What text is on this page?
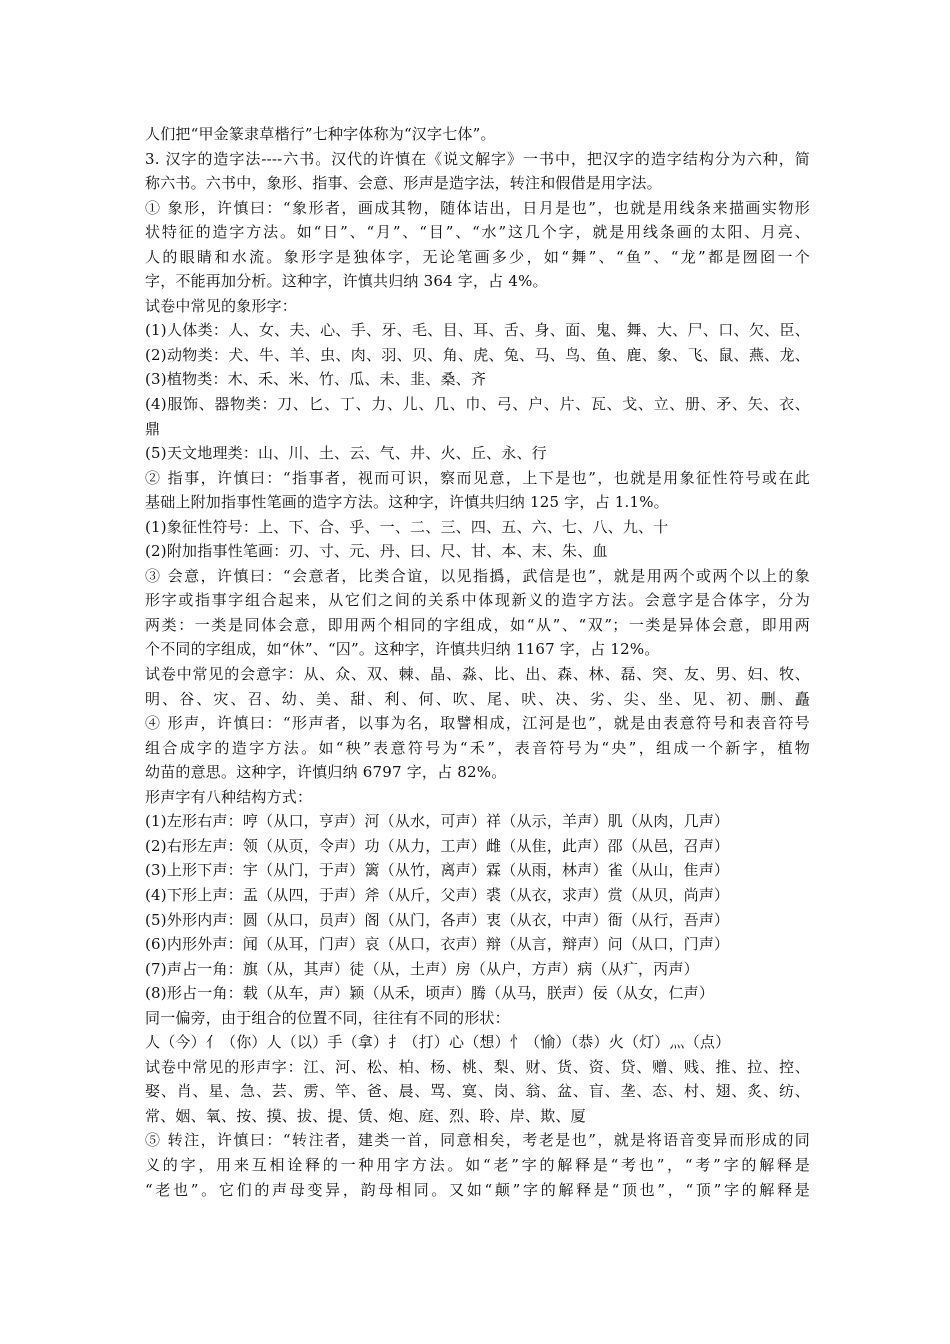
人们把“甲金篆隶草楷行”七种字体称为“汉字七体”。
3. 汉字的造字法----六书。汉代的许慎在《说文解字》一书中，把汉字的造字结构分为六种，简
称六书。六书中，象形、指事、会意、形声是造字法，转注和假借是用字法。
① 象形，许慎曰：“象形者，画成其物，随体诘出，日月是也”，也就是用线条来描画实物形
状特征的造字方法。如“日”、“月”、“目”、“水”这几个字，就是用线条画的太阳、月亮、
人的眼睛和水流。象形字是独体字，无论笔画多少，如“舞”、“鱼”、“龙”都是囫囵一个
字，不能再加分析。这种字，许慎共归纳 364 字，占 4%。
试卷中常见的象形字：
(1)人体类：人、女、夫、心、手、牙、毛、目、耳、舌、身、面、鬼、舞、大、尸、口、欠、臣、
(2)动物类：犬、牛、羊、虫、肉、羽、贝、角、虎、兔、马、鸟、鱼、鹿、象、飞、鼠、燕、龙、
(3)植物类：木、禾、米、竹、瓜、未、韭、桑、齐
(4)服饰、器物类：刀、匕、丁、力、儿、几、巾、弓、户、片、瓦、戈、立、册、矛、矢、衣、
鼎
(5)天文地理类：山、川、土、云、气、井、火、丘、永、行
② 指事，许慎曰：“指事者，视而可识，察而见意，上下是也”，也就是用象征性符号或在此
基础上附加指事性笔画的造字方法。这种字，许慎共归纳 125 字，占 1.1%。
(1)象征性符号：上、下、合、乎、一、二、三、四、五、六、七、八、九、十
(2)附加指事性笔画：刃、寸、元、丹、曰、尺、甘、本、末、朱、血
③ 会意，许慎曰：“会意者，比类合谊，以见指撝，武信是也”，就是用两个或两个以上的象
形字或指事字组合起来，从它们之间的关系中体现新义的造字方法。会意字是合体字，分为
两类：一类是同体会意，即用两个相同的字组成，如“从”、“双”；一类是异体会意，即用两
个不同的字组成，如“休”、“囚”。这种字，许慎共归纳 1167 字，占 12%。
试卷中常见的会意字：从、众、双、棘、晶、淼、比、出、森、林、磊、突、友、男、妇、牧、
明、谷、灾、召、幼、美、甜、利、何、吹、尾、吠、决、劣、尖、坐、见、初、删、矗
④ 形声，许慎曰：“形声者，以事为名，取譬相成，江河是也”，就是由表意符号和表音符号
组合成字的造字方法。如“秧”表意符号为“禾”，表音符号为“央”，组成一个新字，植物
幼苗的意思。这种字，许慎归纳 6797 字，占 82%。
形声字有八种结构方式：
(1)左形右声：哼（从口，亨声）河（从水，可声）祥（从示，羊声）肌（从肉，几声）
(2)右形左声：领（从页，令声）功（从力，工声）雌（从隹，此声）邵（从邑，召声）
(3)上形下声：宇（从门，于声）篱（从竹，离声）霖（从雨，林声）雀（从山，隹声）
(4)下形上声：盂（从四，于声）斧（从斤，父声）裘（从衣，求声）赏（从贝，尚声）
(5)外形内声：圆（从口，员声）阁（从门，各声）衷（从衣，中声）衙（从行，吾声）
(6)内形外声：闻（从耳，门声）哀（从口，衣声）辩（从言，辩声）问（从口，门声）
(7)声占一角：旗（从，其声）徒（从，土声）房（从户，方声）病（从疒，丙声）
(8)形占一角：载（从车，声）颖（从禾，顷声）腾（从马，朕声）佞（从女，仁声）
同一偏旁，由于组合的位置不同，往往有不同的形状：
人（今）亻（你）人（以）手（拿）扌（打）心（想）忄（愉）（恭）火（灯）灬（点）
试卷中常见的形声字：江、河、松、柏、杨、桃、梨、财、货、资、贷、赠、贱、推、拉、控、
娶、肖、星、急、芸、雳、竿、爸、晨、骂、寞、岗、翁、盆、盲、垄、态、村、翅、炙、纺、
常、姻、氧、按、摸、拔、提、赁、炮、庭、烈、聆、岸、欺、厦
⑤ 转注，许慎曰：“转注者，建类一首，同意相矣，考老是也”，就是将语音变异而形成的同
义的字，用来互相诠释的一种用字方法。如“老”字的解释是“考也”，“考”字的解释是
“老也”。它们的声母变异，韵母相同。又如“颠”字的解释是“顶也”，“顶”字的解释是
